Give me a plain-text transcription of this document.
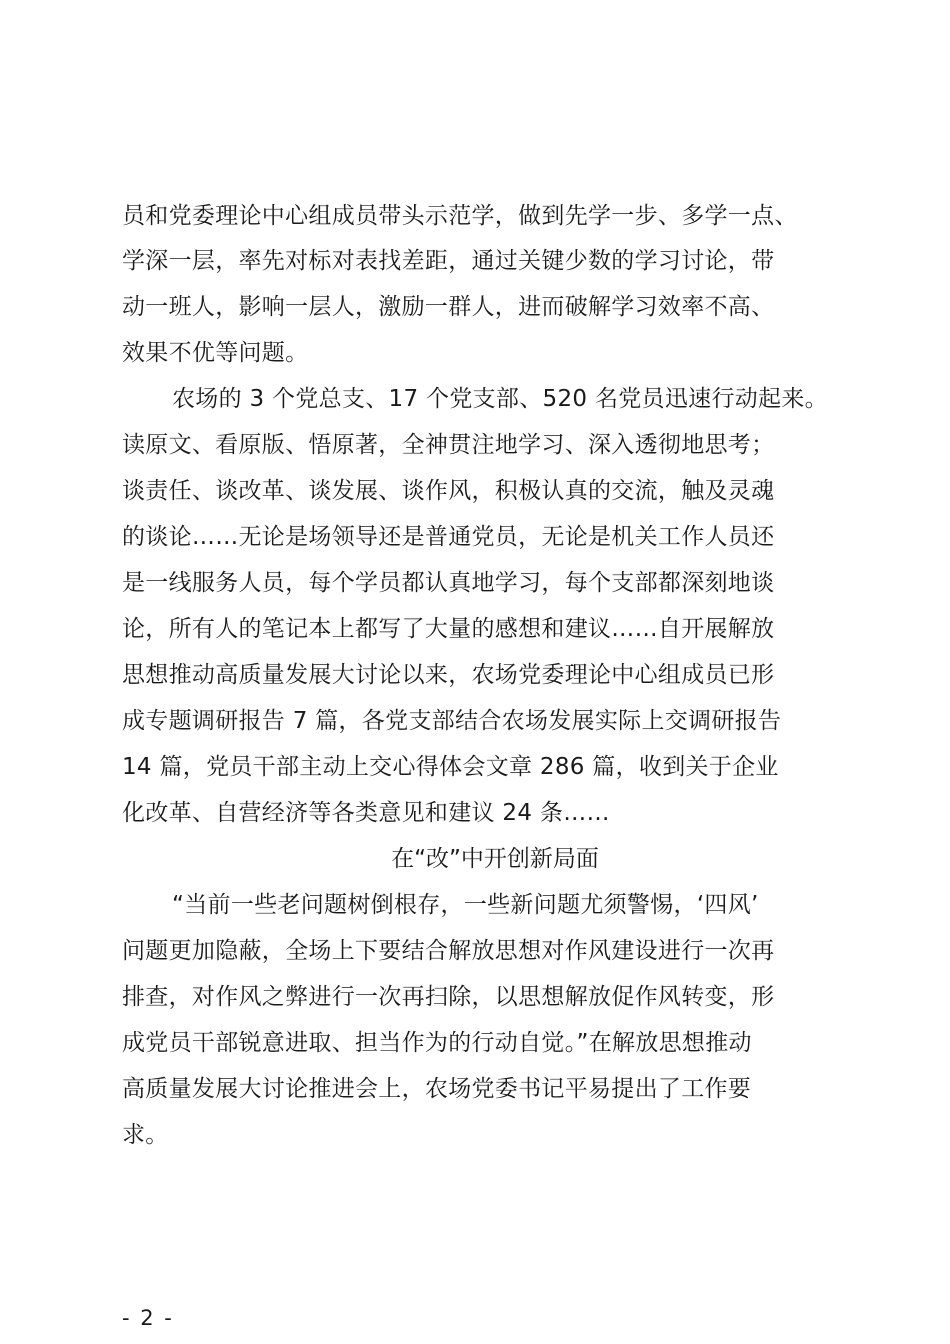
员和党委理论中心组成员带头示范学，做到先学一步、多学一点、
学深一层，率先对标对表找差距，通过关键少数的学习讨论，带
动一班人，影响一层人，激励一群人，进而破解学习效率不高、
效果不优等问题。
农场的 3 个党总支、17 个党支部、520 名党员迅速行动起来。
读原文、看原版、悟原著，全神贯注地学习、深入透彻地思考；
谈责任、谈改革、谈发展、谈作风，积极认真的交流，触及灵魂
的谈论……无论是场领导还是普通党员，无论是机关工作人员还
是一线服务人员，每个学员都认真地学习，每个支部都深刻地谈
论，所有人的笔记本上都写了大量的感想和建议……自开展解放
思想推动高质量发展大讨论以来，农场党委理论中心组成员已形
成专题调研报告 7 篇，各党支部结合农场发展实际上交调研报告
14 篇，党员干部主动上交心得体会文章 286 篇，收到关于企业
化改革、自营经济等各类意见和建议 24 条……
在“改”中开创新局面
“当前一些老问题树倒根存，一些新问题尤须警惕，‘四风’
问题更加隐蔽，全场上下要结合解放思想对作风建设进行一次再
排查，对作风之弊进行一次再扫除，以思想解放促作风转变，形
成党员干部锐意进取、担当作为的行动自觉。”在解放思想推动
高质量发展大讨论推进会上，农场党委书记平易提出了工作要
求。
- 2 -
